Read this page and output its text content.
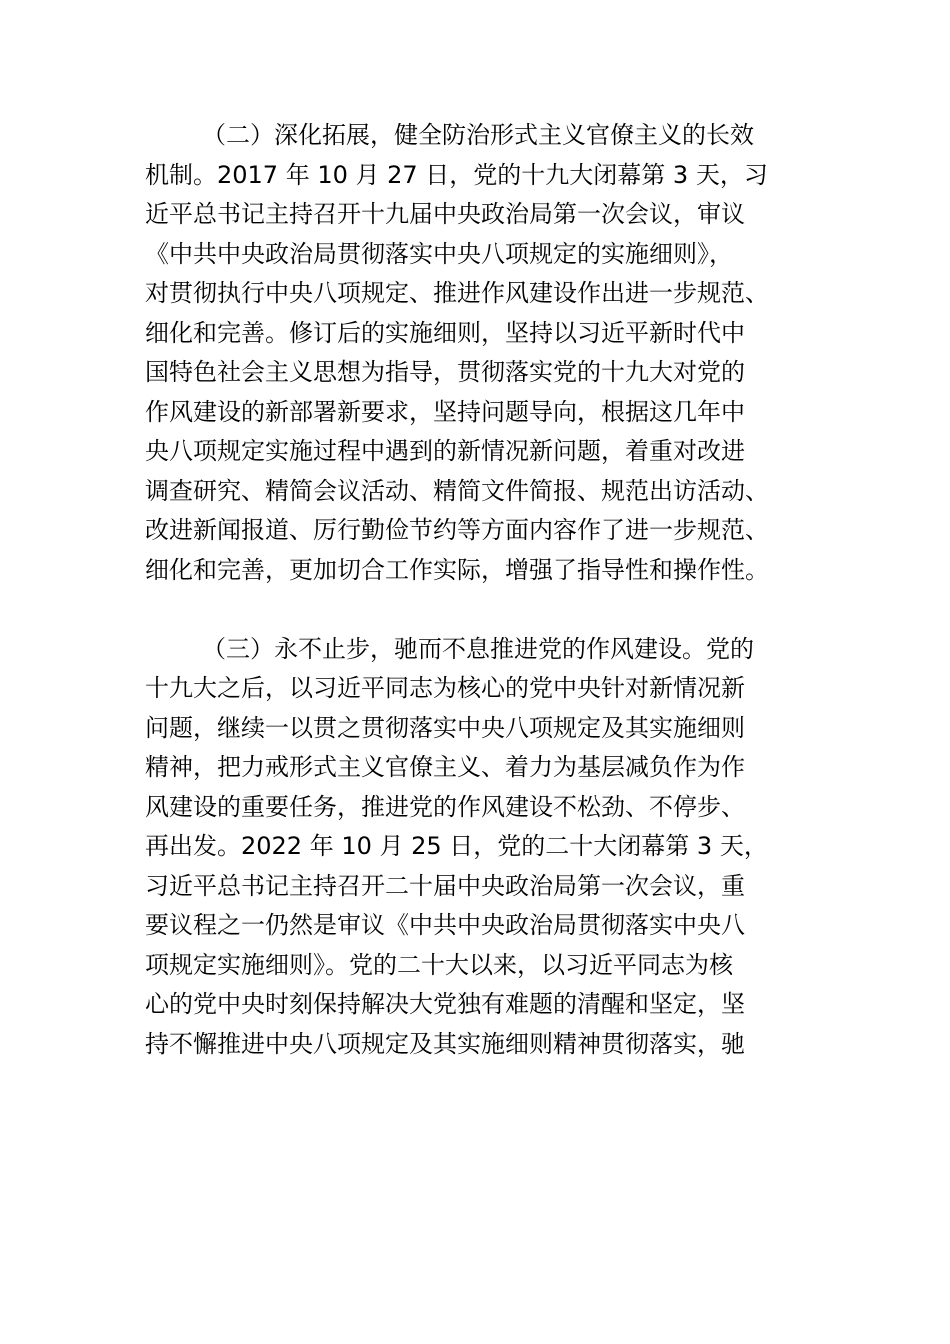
（二）深化拓展，健全防治形式主义官僚主义的长效
机制。2017 年 10 月 27 日，党的十九大闭幕第 3 天，习
近平总书记主持召开十九届中央政治局第一次会议，审议
《中共中央政治局贯彻落实中央八项规定的实施细则》，
对贯彻执行中央八项规定、推进作风建设作出进一步规范、
细化和完善。修订后的实施细则，坚持以习近平新时代中
国特色社会主义思想为指导，贯彻落实党的十九大对党的
作风建设的新部署新要求，坚持问题导向，根据这几年中
央八项规定实施过程中遇到的新情况新问题，着重对改进
调查研究、精简会议活动、精简文件简报、规范出访活动、
改进新闻报道、厉行勤俭节约等方面内容作了进一步规范、
细化和完善，更加切合工作实际，增强了指导性和操作性。
（三）永不止步，驰而不息推进党的作风建设。党的
十九大之后，以习近平同志为核心的党中央针对新情况新
问题，继续一以贯之贯彻落实中央八项规定及其实施细则
精神，把力戒形式主义官僚主义、着力为基层减负作为作
风建设的重要任务，推进党的作风建设不松劲、不停步、
再出发。2022 年 10 月 25 日，党的二十大闭幕第 3 天，
习近平总书记主持召开二十届中央政治局第一次会议，重
要议程之一仍然是审议《中共中央政治局贯彻落实中央八
项规定实施细则》。党的二十大以来，以习近平同志为核
心的党中央时刻保持解决大党独有难题的清醒和坚定，坚
持不懈推进中央八项规定及其实施细则精神贯彻落实，驰
